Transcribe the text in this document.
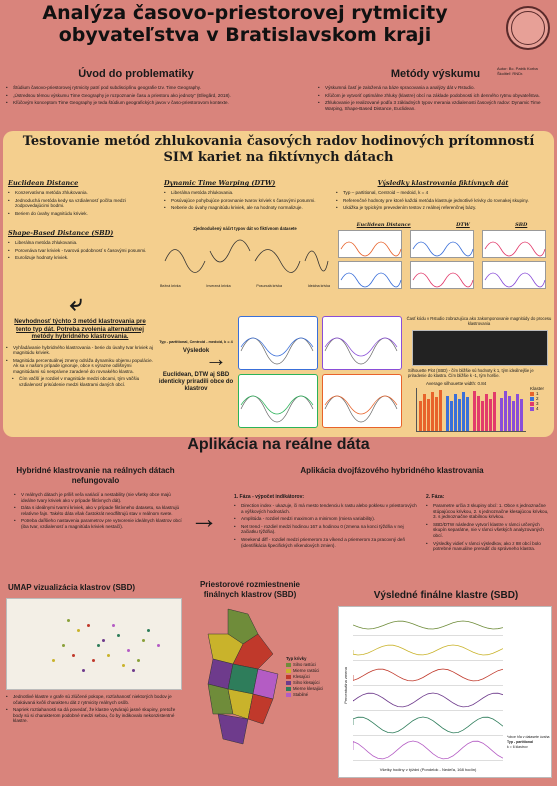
Analýza časovo-priestorovej rytmicity obyvateľstva v Bratislavskom kraji
Autor: Bc. Patrik Korba
Školiteľ: RNDr.
Úvod do problematiky
• Štúdium časovo-priestorovej rytmicity patrí pod subdisciplínu geografie tzv. Time Geography.
• „Ústredsou témou výskumu Time Geography je rozpoznanie času a priestoru ako jednoty“ (Ellegård, 2018).
• Kľúčovým konceptom Time Geography je teda štúdium geografických javov v časo-priestorovom kontexte.
Metódy výskumu
• Výskumná časť je založená na báze spracovania a analýzy dát v Rstudio.
• Kľúčom je vytvoriť optimálne zhluky (klastre) obcí na základe podobnosti ich denného rytmu obyvateľstva.
• Zhlukovanie je realizované podľa 3 základných typov merania vzdialenosti časových radov: Dynamic Time Warping, Shape-Based Distance, Euclidean.
Testovanie metód zhlukovania časových radov hodinových prítomností SIM kariet na fiktívnych dátach
Euclidean Distance
• Konzervatívna metóda zhlukovania.
• Jednoduchá metóda kedy sa vzdialenosť počíta medzi zodpovedajúcimi bodmi.
• Beriem do úvahy magnitúdu kriviek.
Dynamic Time Warping (DTW)
• Liberálna metóda zhlukovania.
• Posúvajúce pohybujúce porovnanie tvarov kriviek s časovými posunmi.
• Neberie do úvahy magnitúdu kriviek, ale na hodnoty normalizuje.
Shape-Based Distance (SBD)
• Liberálna metóda zhlukovania.
• Porovnáva tvar kriviek - tvarová podobnosť s časovými posunmi.
• Eurolizuje hodnoty kriviek.
Zjednodušený náčrt typov dát vo fiktívnom datasete
Bežná krivka	Inverzná krivka	Posunutá krivka	Ideálna krivka
Výsledky klastrovania fiktívnych dát
• Typ – partitional, Centroid – medoid, k = 4
• Referenčné hodnoty pre ktoré každá metóda klastruje jednotlivé krivky do rovnakej skupiny.
• Ukážka je typickým prevedením testov z reálnej referenčnej bázy.
Euclidean Distance	DTW	SBD
⤶
Nevhodnosť týchto 3 metód klastrovania pre tento typ dát. Potreba zvolenia alternatívnej metódy hybridného klastrovania.
• Vyhľadávanie hybridného klastrovania - berie do úvahy tvar kriviek aj magnitúdu kriviek.
• Magnitúda percentuálnej zmeny odráža dynamiku objemu populácie. Ak sa v našom prípade ignoruje, obce s výrazne odlišnými magnitúdami sú nesprávne zaradené do rovnakého klastra.
• Čím väčší je rozdiel v magnitúde medzi obcami, tým väčšiu vzdialenosť prisúdenie medzi klastrami daných obcí.
Typ - partitional, Centroid - medoid, k = 4
Výsledok
Euclidean, DTW aj SBD identicky priradili obce do klastrov
→
Časť kódu v Rstudio zobrazujúca ako zakomponovanie magnitúdy do procesu klastrovania
Silhouette Plot (SBD) - čím bližšie sú hodnoty k 1, tým ideálnejšie je priradenie do klastra. Čím bližšie k -1, tým horšie.
Average silhouette width: 0.84
Klaster
1
2
3
4
Aplikácia na reálne dáta
Hybridné klastrovanie na reálnych dátach nefungovalo
• V reálnych dátach je príliš veľa variácií a nestability (nie všetky obce majú ideálne tvary kriviek ako v prípade fiktívnych dát).
• Dáta s ideálnymi tvarmi kriviek, ako v prípade fiktívneho datasetu, sa klastrujú relatívne fajn. Takéto dáta však častokrát neodfiltrujú stav v reálnom svete.
• Potreba daľšieho nastavenia parametrov pre vytvorenie ideálnych klastrov obcí (iba tvar, vzdialenosť a magnitúda kriviek nestačí).	→
Aplikácia dvojfázového hybridného klastrovania
1. Fáza - výpočet indikátorov:
• Direction index - ukazuje, či má mesto tendenciu k rastu alebo poklesu v priestorových a výškových hodnotách.
• Amplitúda - rozdiel medzi maximom a minimom (miera variability).
• Net trend - rozdiel medzi hodinou 167 a hodinou 0 (zmena na konci týždňa v nej začiatku týždňa).
• Weekend diff - rozdiel medzi priemerom za víkend a priemerom za pracovný deň (identifikácia špecifických víkendových zmien).
2. Fáza:
• Parametre určia 3 skupiny obcí: 1. Obce s jednoznačne stúpajúcou krivkou, 2. s jednoznačne klesajúcou krivkou, 3. s jednoznačne stabilnou krivkou.
• SBD/DTW následne vytvorí klastre v rámci určených skupín separátne, nie v rámci všetkých analyzovaných obcí.
• Výsledky vidieť v rámci výsledkov, ako z 88 obcí bolo potrebné manuálne preradiť do správneho klastra.
UMAP vizualizácia klastrov (SBD)
• Jednotlivé klastre v grafe sú zlúčené pokope, rozťahanosť niektorých bodov je očakávaná kvôli charakteru dát z rytmicity reálnych osôb.
• Napriek roztiahanosti sa dá povedať, že klastre vytvárajú jasné skupiny, pretože body sú si charakterom podobné medzi sebou, čo by indikovalo nekonzistentné klastre.
Priestorové rozmiestnenie finálnych klastrov (SBD)
Typ krivky
Silno rastúci
Mierne rastúci
Klesajúci
Silno klesajúci
Mierne klesajúci
Stabilné
Výsledné finálne klastre (SBD)
Percentuálna zmena
Všetky hodiny v týždni (Pondelok - Nedeľa, 168 hodín)
*obce hľa v datasete úvaha
Typ - partitional
k = 6 klastrov
